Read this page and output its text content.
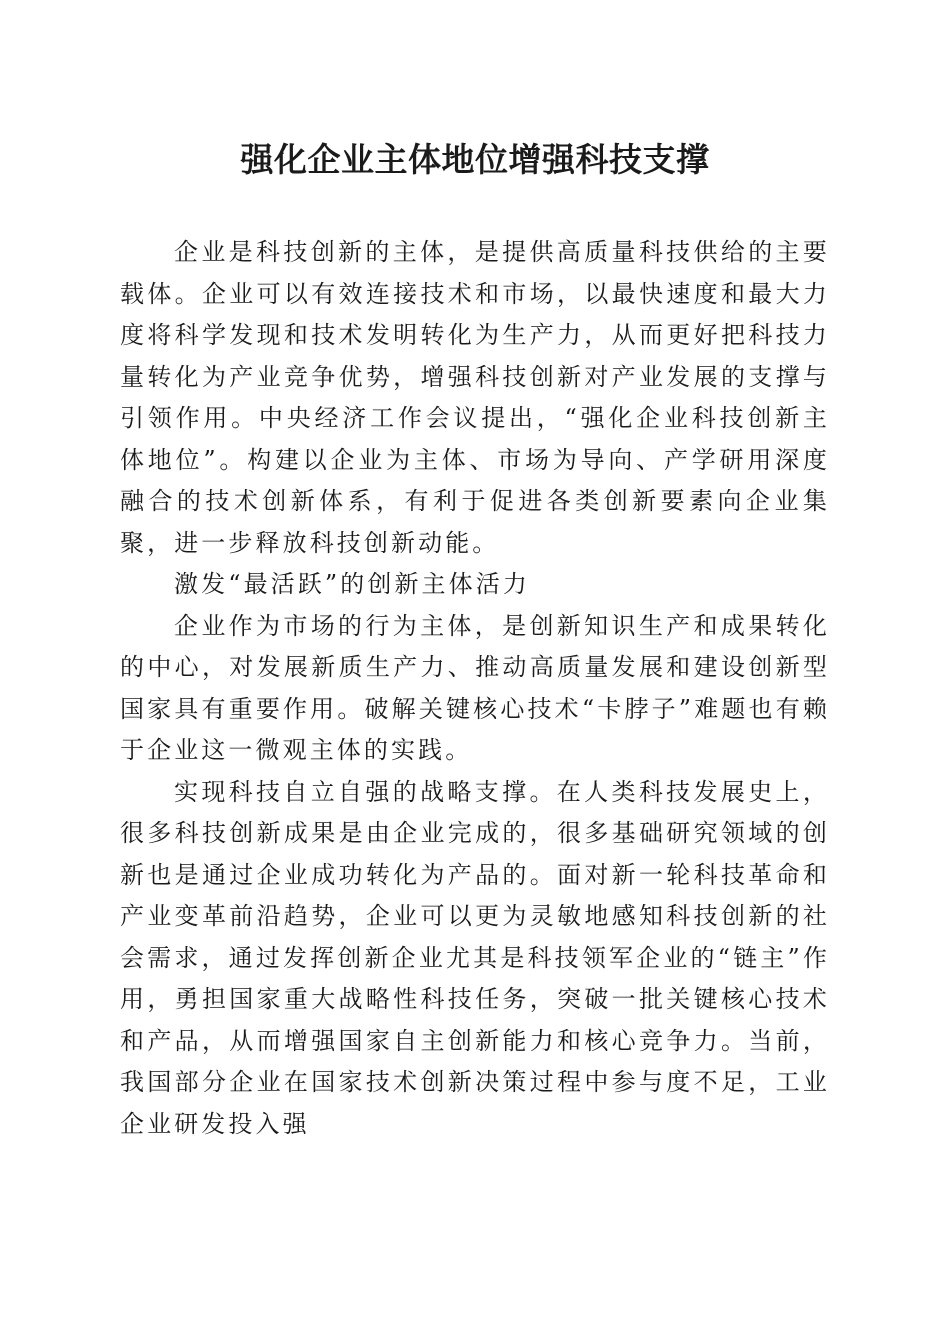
强化企业主体地位增强科技支撑

企业是科技创新的主体，是提供高质量科技供给的主要载体。企业可以有效连接技术和市场，以最快速度和最大力度将科学发现和技术发明转化为生产力，从而更好把科技力量转化为产业竞争优势，增强科技创新对产业发展的支撑与引领作用。中央经济工作会议提出，“强化企业科技创新主体地位”。构建以企业为主体、市场为导向、产学研用深度融合的技术创新体系，有利于促进各类创新要素向企业集聚，进一步释放科技创新动能。

激发“最活跃”的创新主体活力

企业作为市场的行为主体，是创新知识生产和成果转化的中心，对发展新质生产力、推动高质量发展和建设创新型国家具有重要作用。破解关键核心技术“卡脖子”难题也有赖于企业这一微观主体的实践。

实现科技自立自强的战略支撑。在人类科技发展史上，很多科技创新成果是由企业完成的，很多基础研究领域的创新也是通过企业成功转化为产品的。面对新一轮科技革命和产业变革前沿趋势，企业可以更为灵敏地感知科技创新的社会需求，通过发挥创新企业尤其是科技领军企业的“链主”作用，勇担国家重大战略性科技任务，突破一批关键核心技术和产品，从而增强国家自主创新能力和核心竞争力。当前，我国部分企业在国家技术创新决策过程中参与度不足，工业企业研发投入强
